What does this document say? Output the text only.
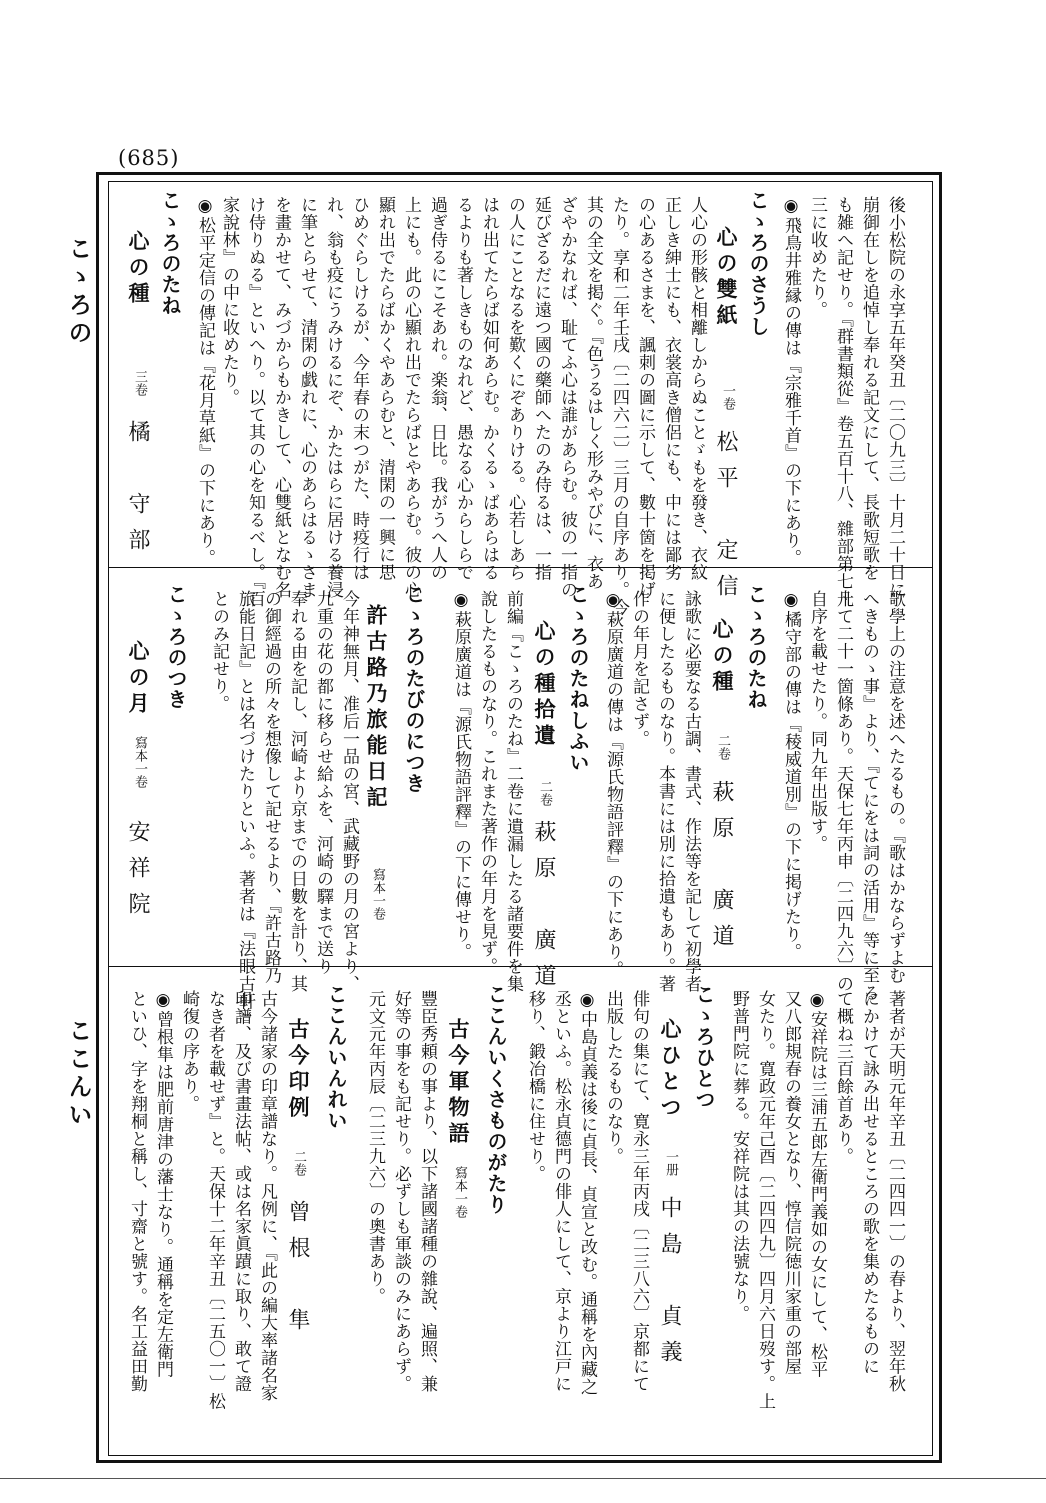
(685)
こゝろの
ここんい
後小松院の永享五年癸丑〔二〇九三〕十月二十日に
崩御在しを追悼し奉れる記文にして、長歌短歌を
も雑へ記せり。『群書類從』卷五百十八、雜部第七十
三に收めたり。
◉飛鳥井雅縁の傳は『宗雅千首』の下にあり。
こゝろのさうし
心の雙紙
一卷
松平　定信
人心の形骸と相離しからぬことゞもを發き、衣紋
正しき紳士にも、衣裳高き僧侶にも、中には鄙劣
の心あるさまを、諷刺の圖に示して、數十箇を掲げ
たり。享和二年壬戌〔二四六二〕三月の自序あり。今
其の全文を掲ぐ。『色うるはしく形みやびに、衣あ
ざやかなれば、耻てふ心は誰があらむ。彼の一指の
延びざるだに遠つ國の藥師へたのみ侍るは、一指
の人にことなるを歎くにぞありける。心若しあら
はれ出てたらば如何あらむ。かくるゝばあらはる
るよりも著しきものなれど、愚なる心からしらで
過ぎ侍るにこそあれ。楽翁、日比。我がうへ人の
上にも。此の心顯れ出でたらばとやあらむ。彼の心
顯れ出でたらばかくやあらむと、清閑の一興に思
ひめぐらしけるが、今年春の末つがた、時疫行は
れ、翁も疫にうみけるにぞ、かたはらに居ける養浸
に筆とらせて、清閑の戯れに、心のあらはるゝさま
を畫かせて、みづからもかきして、心雙紙となむ名
け侍りぬる』といへり。以て其の心を知るべし。『百
家說林』の中に收めたり。
◉松平定信の傳記は『花月草紙』の下にあり。
こゝろのたね
心の種
三卷
橘　守部
歌學上の注意を述へたるもの。『歌はかならずよむ
へきものゝ事』より、『てにをは詞の活用』等に至る
凡て二十一箇條あり。天保七年丙申〔二四九六〕の
自序を載せたり。同九年出版す。
◉橘守部の傳は『稜威道別』の下に掲げたり。
こゝろのたね
心の種
二卷
萩原　廣道
詠歌に必要なる古調、書式、作法等を記して初學者
に便したるものなり。本書には別に拾遺もあり。著
作の年月を記さず。
◉萩原廣道の傳は『源氏物語評釋』の下にあり。
こゝろのたねしふい
心の種拾遺
二卷
萩原　廣道
前編『こゝろのたね』二卷に遺漏したる諸要件を集
說したるものなり。これまた著作の年月を見ず。
◉萩原廣道は『源氏物語評釋』の下に傳せり。
こゝろのたびのにつき
許古路乃旅能日記
寫本一卷
今年神無月、准后一品の宮、武藏野の月の宮より、
九重の花の都に移らせ給ふを、河崎の驛まで送り
奉れる由を記し、河崎より京までの日數を計り、其
の御經過の所々を想像して記せるより、『許古路乃
旅能日記』とは名づけたりといふ。著者は『法眼古軒』
とのみ記せり。
こゝろのつき
心の月
寫本一卷
安祥院
著者が天明元年辛丑〔二四四一〕の春より、翌年秋
にかけて詠み出せるところの歌を集めたるものに
て概ね三百餘首あり。
◉安祥院は三浦五郎左衛門義如の女にして、松平
又八郎規春の養女となり、惇信院徳川家重の部屋
女たり。寛政元年己酉〔二四四九〕四月六日歿す。上
野普門院に葬る。安祥院は其の法號なり。
こゝろひとつ
心ひとつ
一册
中島　貞義
俳句の集にて、寛永三年丙戌〔二三八六〕京都にて
出版したるものなり。
◉中島貞義は後に貞長、貞宣と改む。通稱を內藏之
丞といふ。松永貞德門の俳人にして、京より江戸に
移り、鍛冶橋に住せり。
ここんいくさものがたり
古今軍物語
寫本一卷
豐臣秀頼の事より、以下諸國諸種の雜說、遍照、兼
好等の事をも記せり。必ずしも軍談のみにあらず。
元文元年丙辰〔二三九六〕の奧書あり。
ここんいんれい
古今印例
二卷
曾根　隼
古今諸家の印章譜なり。凡例に、『此の編大率諸名家
印譜、及び書畫法帖、或は名家眞蹟に取り、敢て證
なき者を載せず』と。天保十二年辛丑〔二五〇一〕松
崎復の序あり。
◉曾根隼は肥前唐津の藩士なり。通稱を定左衛門
といひ、字を翔桐と稱し、寸齋と號す。名工益田勤
